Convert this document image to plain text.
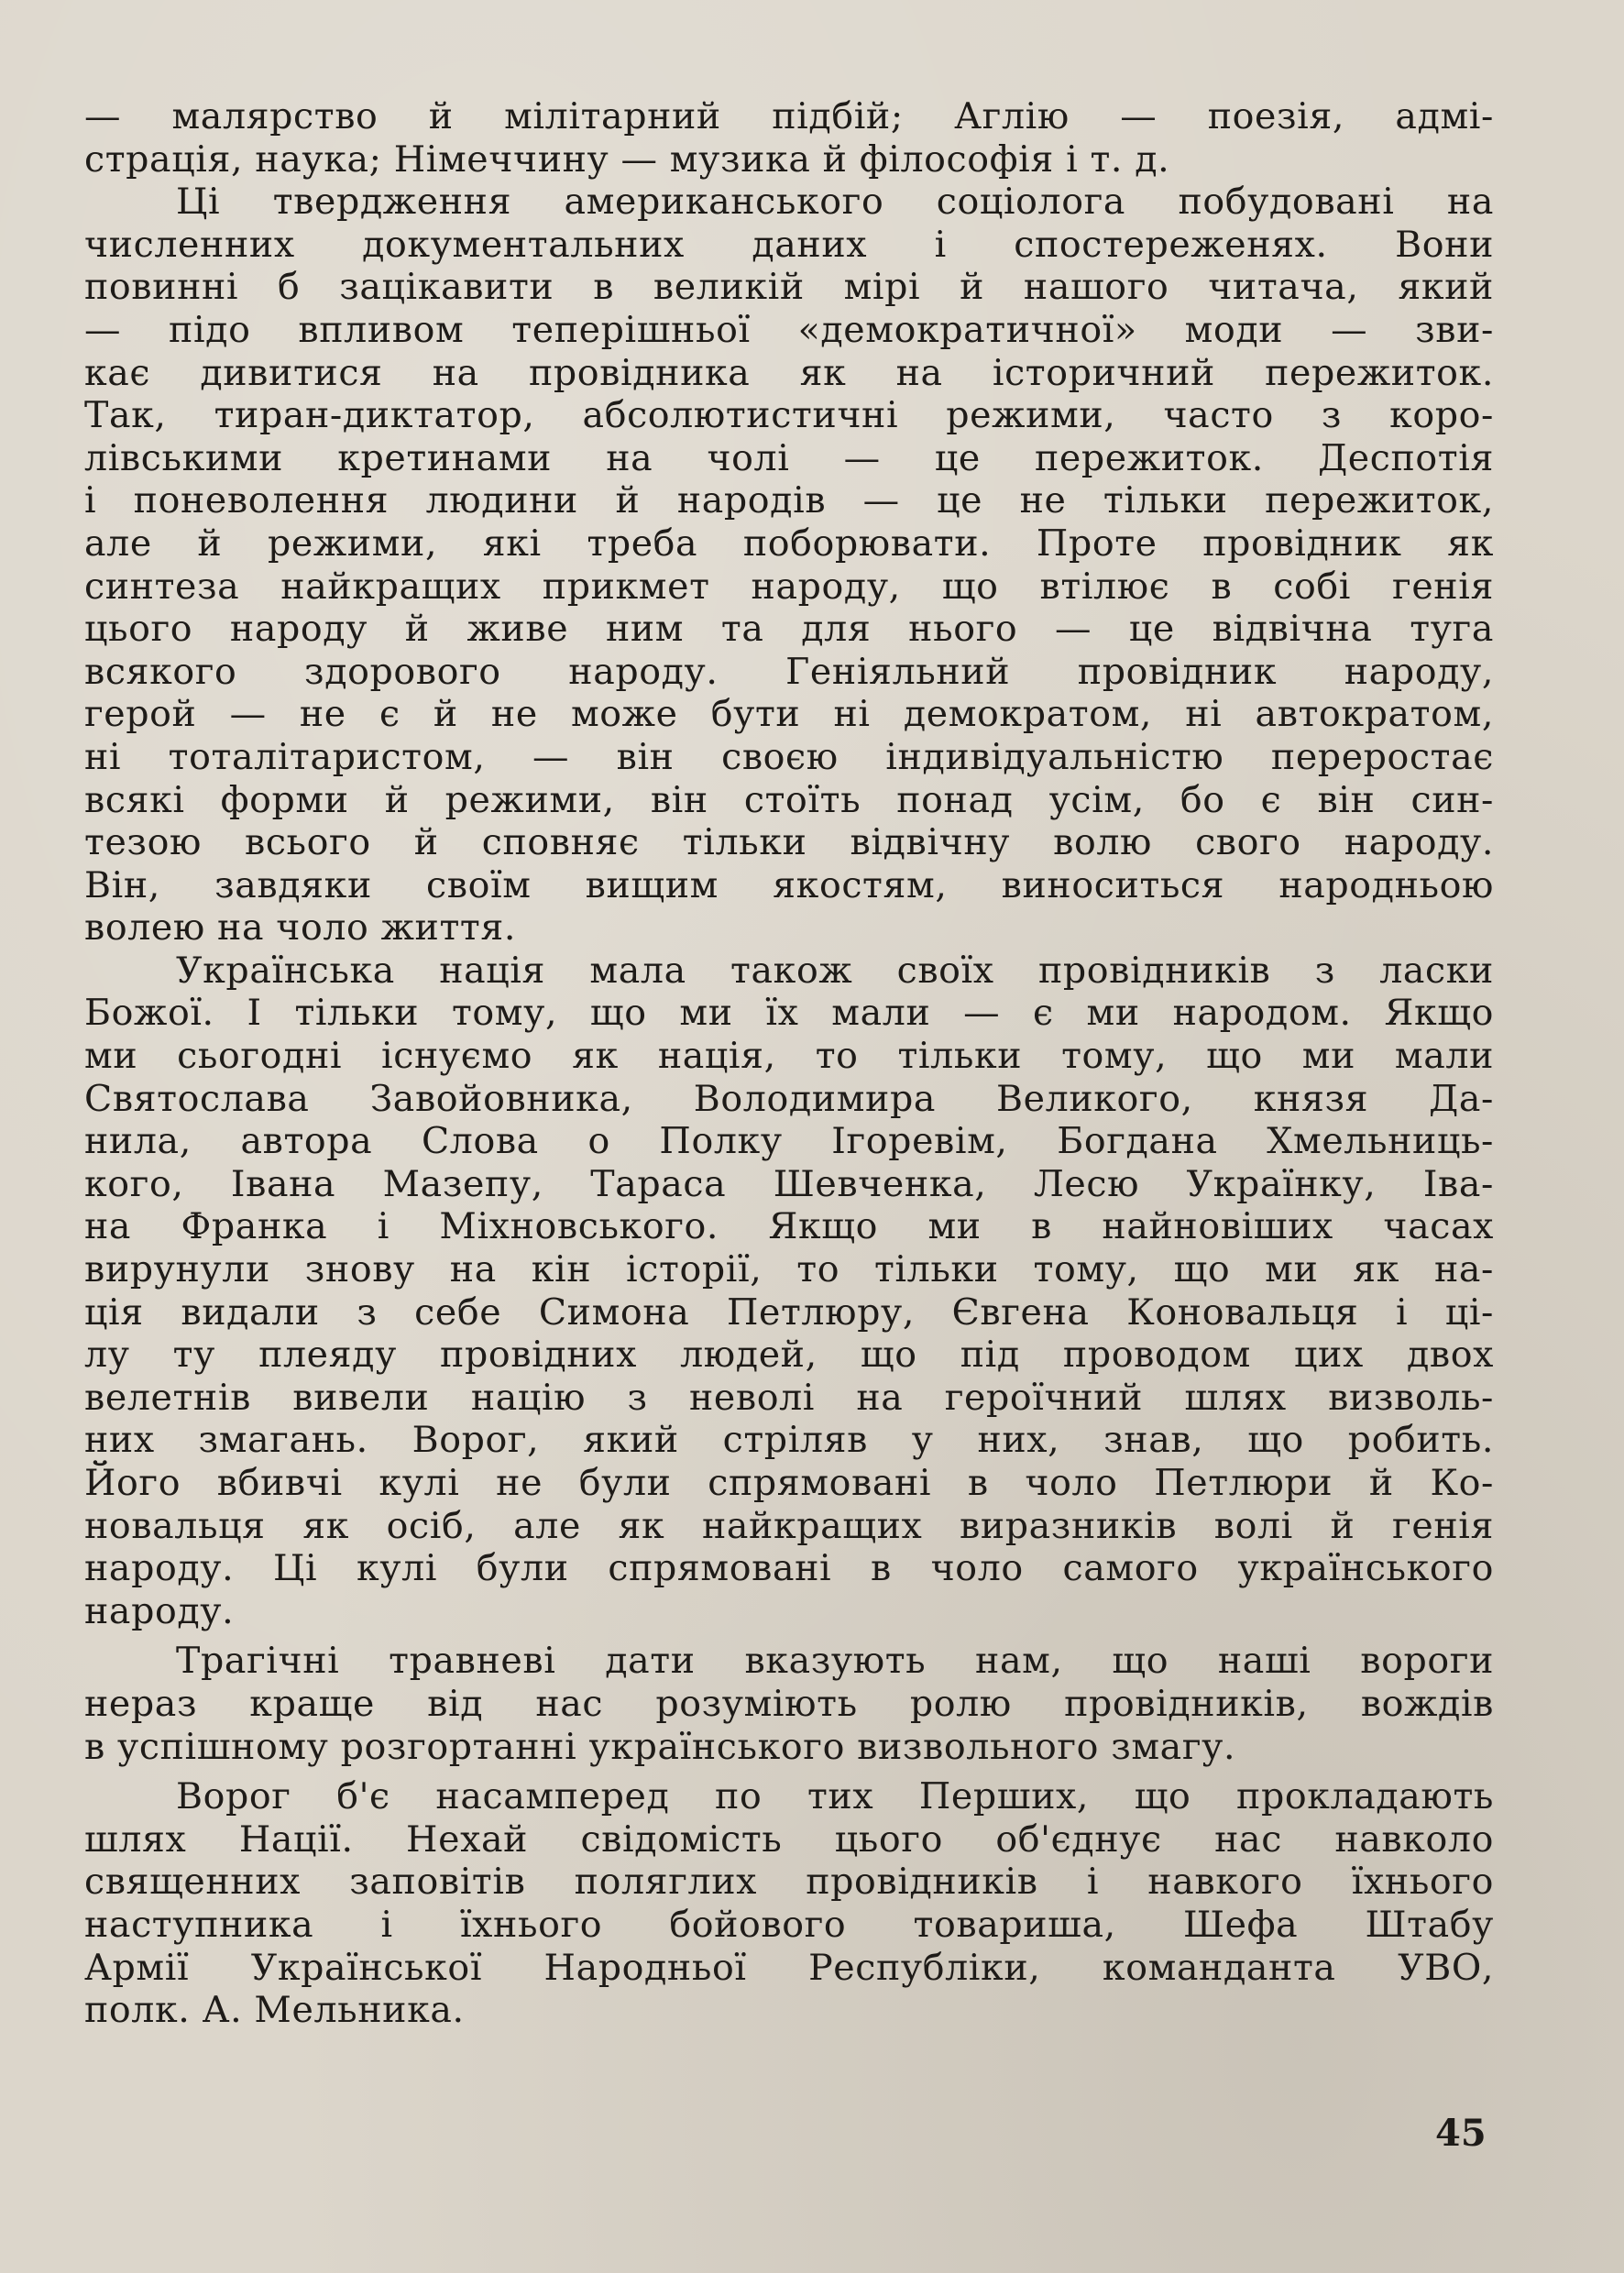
— малярство й мілітарний підбій; Аглію — поезія, адмі-
страція, наука; Німеччину — музика й філософія і т. д.
Ці твердження американського соціолога побудовані на
численних документальних даних і спостереженях. Вони
повинні б зацікавити в великій мірі й нашого читача, який
— підо впливом теперішньої «демократичної» моди — зви-
кає дивитися на провідника як на історичний пережиток.
Так, тиран-диктатор, абсолютистичні режими, часто з коро-
лівськими кретинами на чолі — це пережиток. Деспотія
і поневолення людини й народів — це не тільки пережиток,
але й режими, які треба поборювати. Проте провідник як
синтеза найкращих прикмет народу, що втілює в собі генія
цього народу й живе ним та для нього — це відвічна туга
всякого здорового народу. Геніяльний провідник народу,
герой — не є й не може бути ні демократом, ні автократом,
ні тоталітаристом, — він своєю індивідуальністю переростає
всякі форми й режими, він стоїть понад усім, бо є він син-
тезою всього й сповняє тільки відвічну волю свого народу.
Він, завдяки своїм вищим якостям, виноситься народньою
волею на чоло життя.
Українська нація мала також своїх провідників з ласки
Божої. І тільки тому, що ми їх мали — є ми народом. Якщо
ми сьогодні існуємо як нація, то тільки тому, що ми мали
Святослава Завойовника, Володимира Великого, князя Да-
нила, автора Слова о Полку Ігоревім, Богдана Хмельниць-
кого, Івана Мазепу, Тараса Шевченка, Лесю Українку, Іва-
на Франка і Міхновського. Якщо ми в найновіших часах
вирунули знову на кін історії, то тільки тому, що ми як на-
ція видали з себе Симона Петлюру, Євгена Коновальця і ці-
лу ту плеяду провідних людей, що під проводом цих двох
велетнів вивели націю з неволі на героїчний шлях визволь-
них змагань. Ворог, який стріляв у них, знав, що робить.
Його вбивчі кулі не були спрямовані в чоло Петлюри й Ко-
новальця як осіб, але як найкращих виразників волі й генія
народу. Ці кулі були спрямовані в чоло самого українського
народу.
Трагічні травневі дати вказують нам, що наші вороги
нераз краще від нас розуміють ролю провідників, вождів
в успішному розгортанні українського визвольного змагу.
Ворог б'є насамперед по тих Перших, що прокладають
шлях Нації. Нехай свідомість цього об'єднує нас навколо
священних заповітів поляглих провідників і навкого їхнього
наступника і їхнього бойового товариша, Шефа Штабу
Армії Української Народньої Республіки, команданта УВО,
полк. А. Мельника.
45
